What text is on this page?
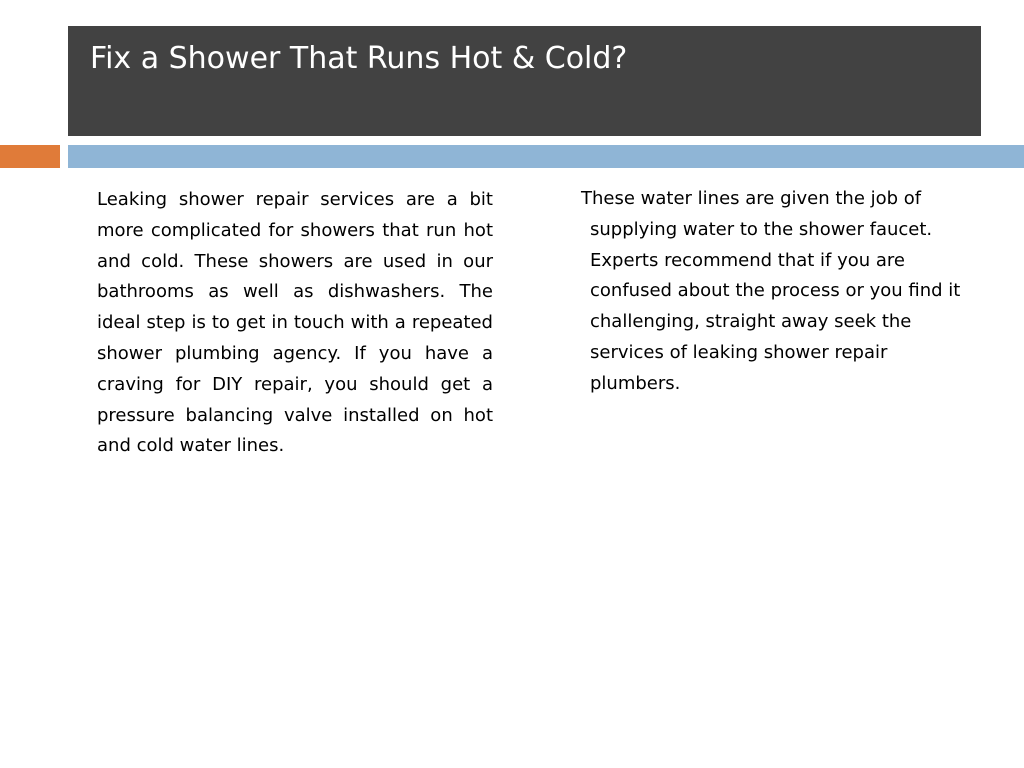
Fix a Shower That Runs Hot & Cold?

Leaking shower repair services are a bit more complicated for showers that run hot and cold. These showers are used in our bathrooms as well as dishwashers. The ideal step is to get in touch with a repeated shower plumbing agency. If you have a craving for DIY repair, you should get a pressure balancing valve installed on hot and cold water lines.

These water lines are given the job of supplying water to the shower faucet. Experts recommend that if you are confused about the process or you find it challenging, straight away seek the services of leaking shower repair plumbers.
